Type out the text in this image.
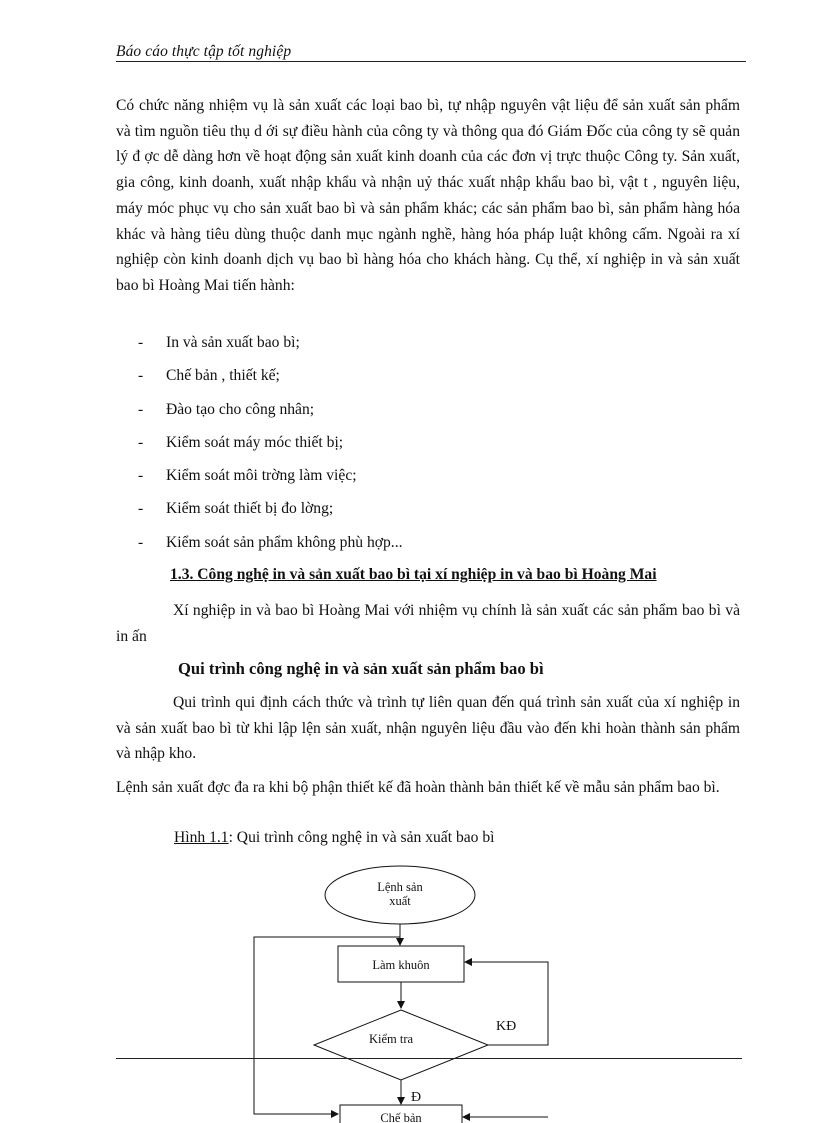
Báo cáo thực tập tốt nghiệp

Có chức năng nhiệm vụ là sản xuất các loại bao bì, tự nhập nguyên vật liệu để sản xuất sản phẩm và tìm nguồn tiêu thụ d ới sự điều hành của công ty và thông qua đó Giám Đốc của công ty sẽ quản lý đ ợc dễ dàng hơn về hoạt động sản xuất kinh doanh của các đơn vị trực thuộc Công ty. Sản xuất, gia công, kinh doanh, xuất nhập khẩu và nhận uỷ thác xuất nhập khẩu bao bì, vật t , nguyên liệu, máy móc phục vụ cho sản xuất bao bì và sản phẩm khác; các sản phẩm bao bì, sản phẩm hàng hóa khác và hàng tiêu dùng thuộc danh mục ngành nghề, hàng hóa pháp luật không cấm. Ngoài ra xí nghiệp còn kinh doanh dịch vụ bao bì hàng hóa cho khách hàng. Cụ thể, xí nghiệp in và sản xuất bao bì Hoàng Mai tiến hành:

- In và sản xuất bao bì;
- Chế bản , thiết kế;
- Đào tạo cho công nhân;
- Kiểm soát máy móc thiết bị;
- Kiểm soát môi trờng làm việc;
- Kiểm soát thiết bị đo lờng;
- Kiểm soát sản phẩm không phù hợp...
1.3. Công nghệ in và sản xuất bao bì tại xí nghiệp in và bao bì Hoàng Mai

Xí nghiệp in và bao bì Hoàng Mai với nhiệm vụ chính là sản xuất các sản phẩm bao bì và in ấn

Qui trình công nghệ in và sản xuất sản phẩm bao bì

Qui trình qui định cách thức và trình tự liên quan đến quá trình sản xuất của xí nghiệp in và sản xuất bao bì từ khi lập lện sản xuất, nhận nguyên liệu đầu vào đến khi hoàn thành sản phẩm và nhập kho.

Lệnh sản xuất đợc đa ra khi bộ phận thiết kế đã hoàn thành bản thiết kế về mẫu sản phẩm bao bì.

Hình 1.1: Qui trình công nghệ in và sản xuất bao bì
Lệnh sản
xuất
Làm khuôn
Kiểm tra
KĐ
Đ
Chế bản
